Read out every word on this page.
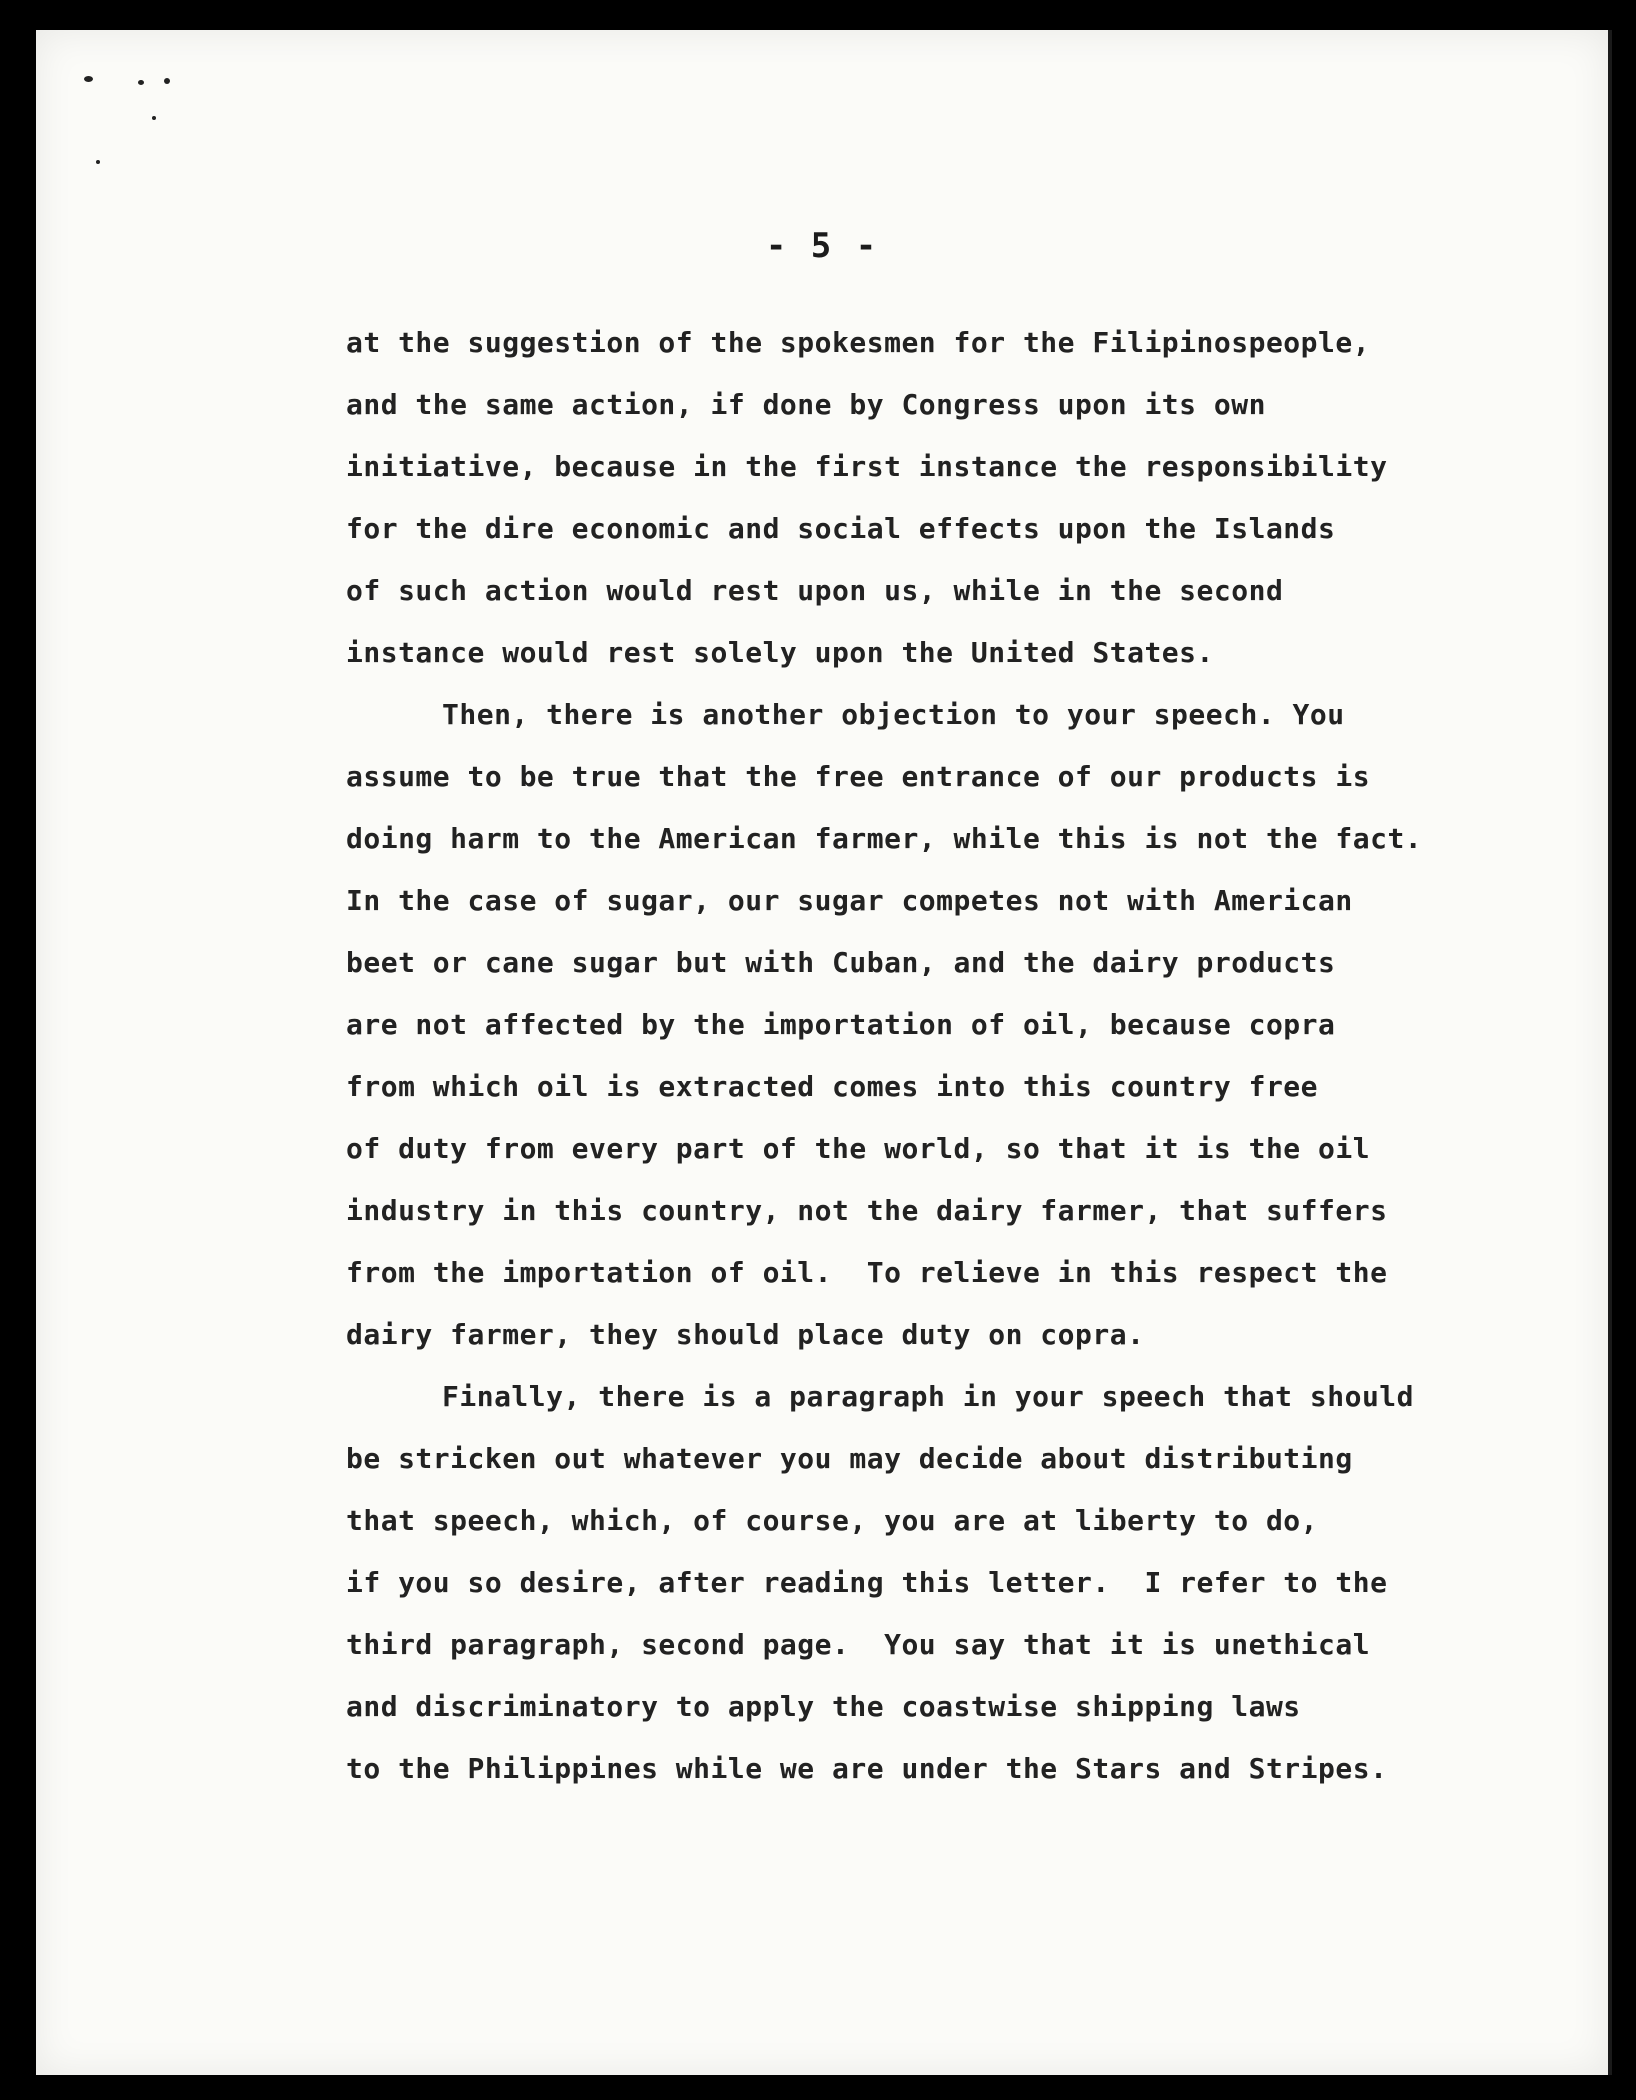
- 5 -
at the suggestion of the spokesmen for the Filipinospeople,
and the same action, if done by Congress upon its own
initiative, because in the first instance the responsibility
for the dire economic and social effects upon the Islands
of such action would rest upon us, while in the second
instance would rest solely upon the United States.
Then, there is another objection to your speech. You
assume to be true that the free entrance of our products is
doing harm to the American farmer, while this is not the fact.
In the case of sugar, our sugar competes not with American
beet or cane sugar but with Cuban, and the dairy products
are not affected by the importation of oil, because copra
from which oil is extracted comes into this country free
of duty from every part of the world, so that it is the oil
industry in this country, not the dairy farmer, that suffers
from the importation of oil.  To relieve in this respect the
dairy farmer, they should place duty on copra.
Finally, there is a paragraph in your speech that should
be stricken out whatever you may decide about distributing
that speech, which, of course, you are at liberty to do,
if you so desire, after reading this letter.  I refer to the
third paragraph, second page.  You say that it is unethical
and discriminatory to apply the coastwise shipping laws
to the Philippines while we are under the Stars and Stripes.
